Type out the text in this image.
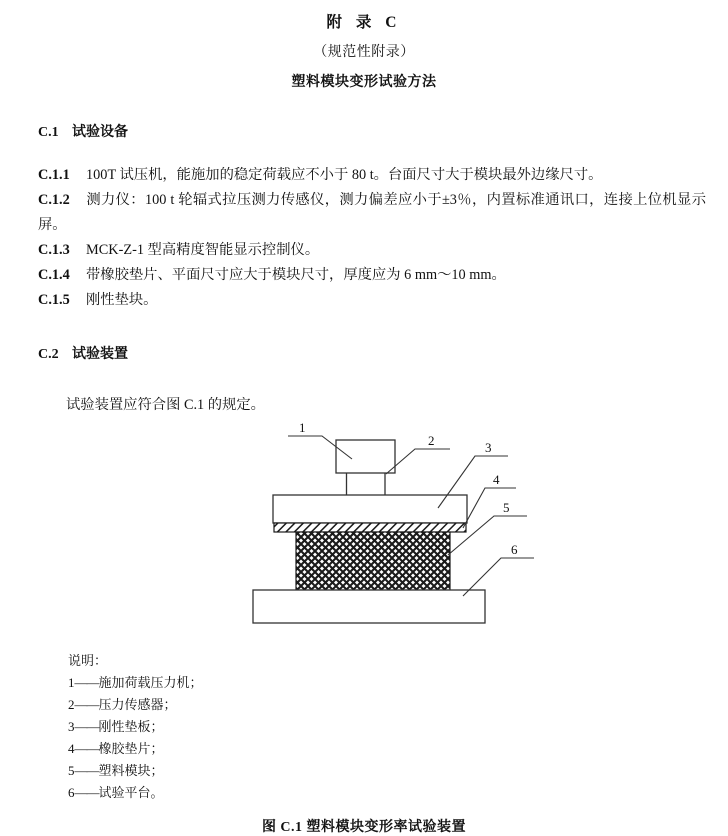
附 录 C

（规范性附录）

塑料模块变形试验方法

C.1 试验设备

C.1.1 100T 试压机，能施加的稳定荷载应不小于 80 t。台面尺寸大于模块最外边缘尺寸。

C.1.2 测力仪：100 t 轮辐式拉压测力传感仪，测力偏差应小于±3％，内置标准通讯口，连接上位机显示屏。

C.1.3 MCK-Z-1 型高精度智能显示控制仪。

C.1.4 带橡胶垫片、平面尺寸应大于模块尺寸，厚度应为 6 mm～10 mm。

C.1.5 刚性垫块。

C.2 试验装置

试验装置应符合图 C.1 的规定。

1
2	3
4
5
6

说明：

1——施加荷载压力机；

2——压力传感器；

3——刚性垫板；

4——橡胶垫片；

5——塑料模块；

6——试验平台。

图 C.1 塑料模块变形率试验装置
